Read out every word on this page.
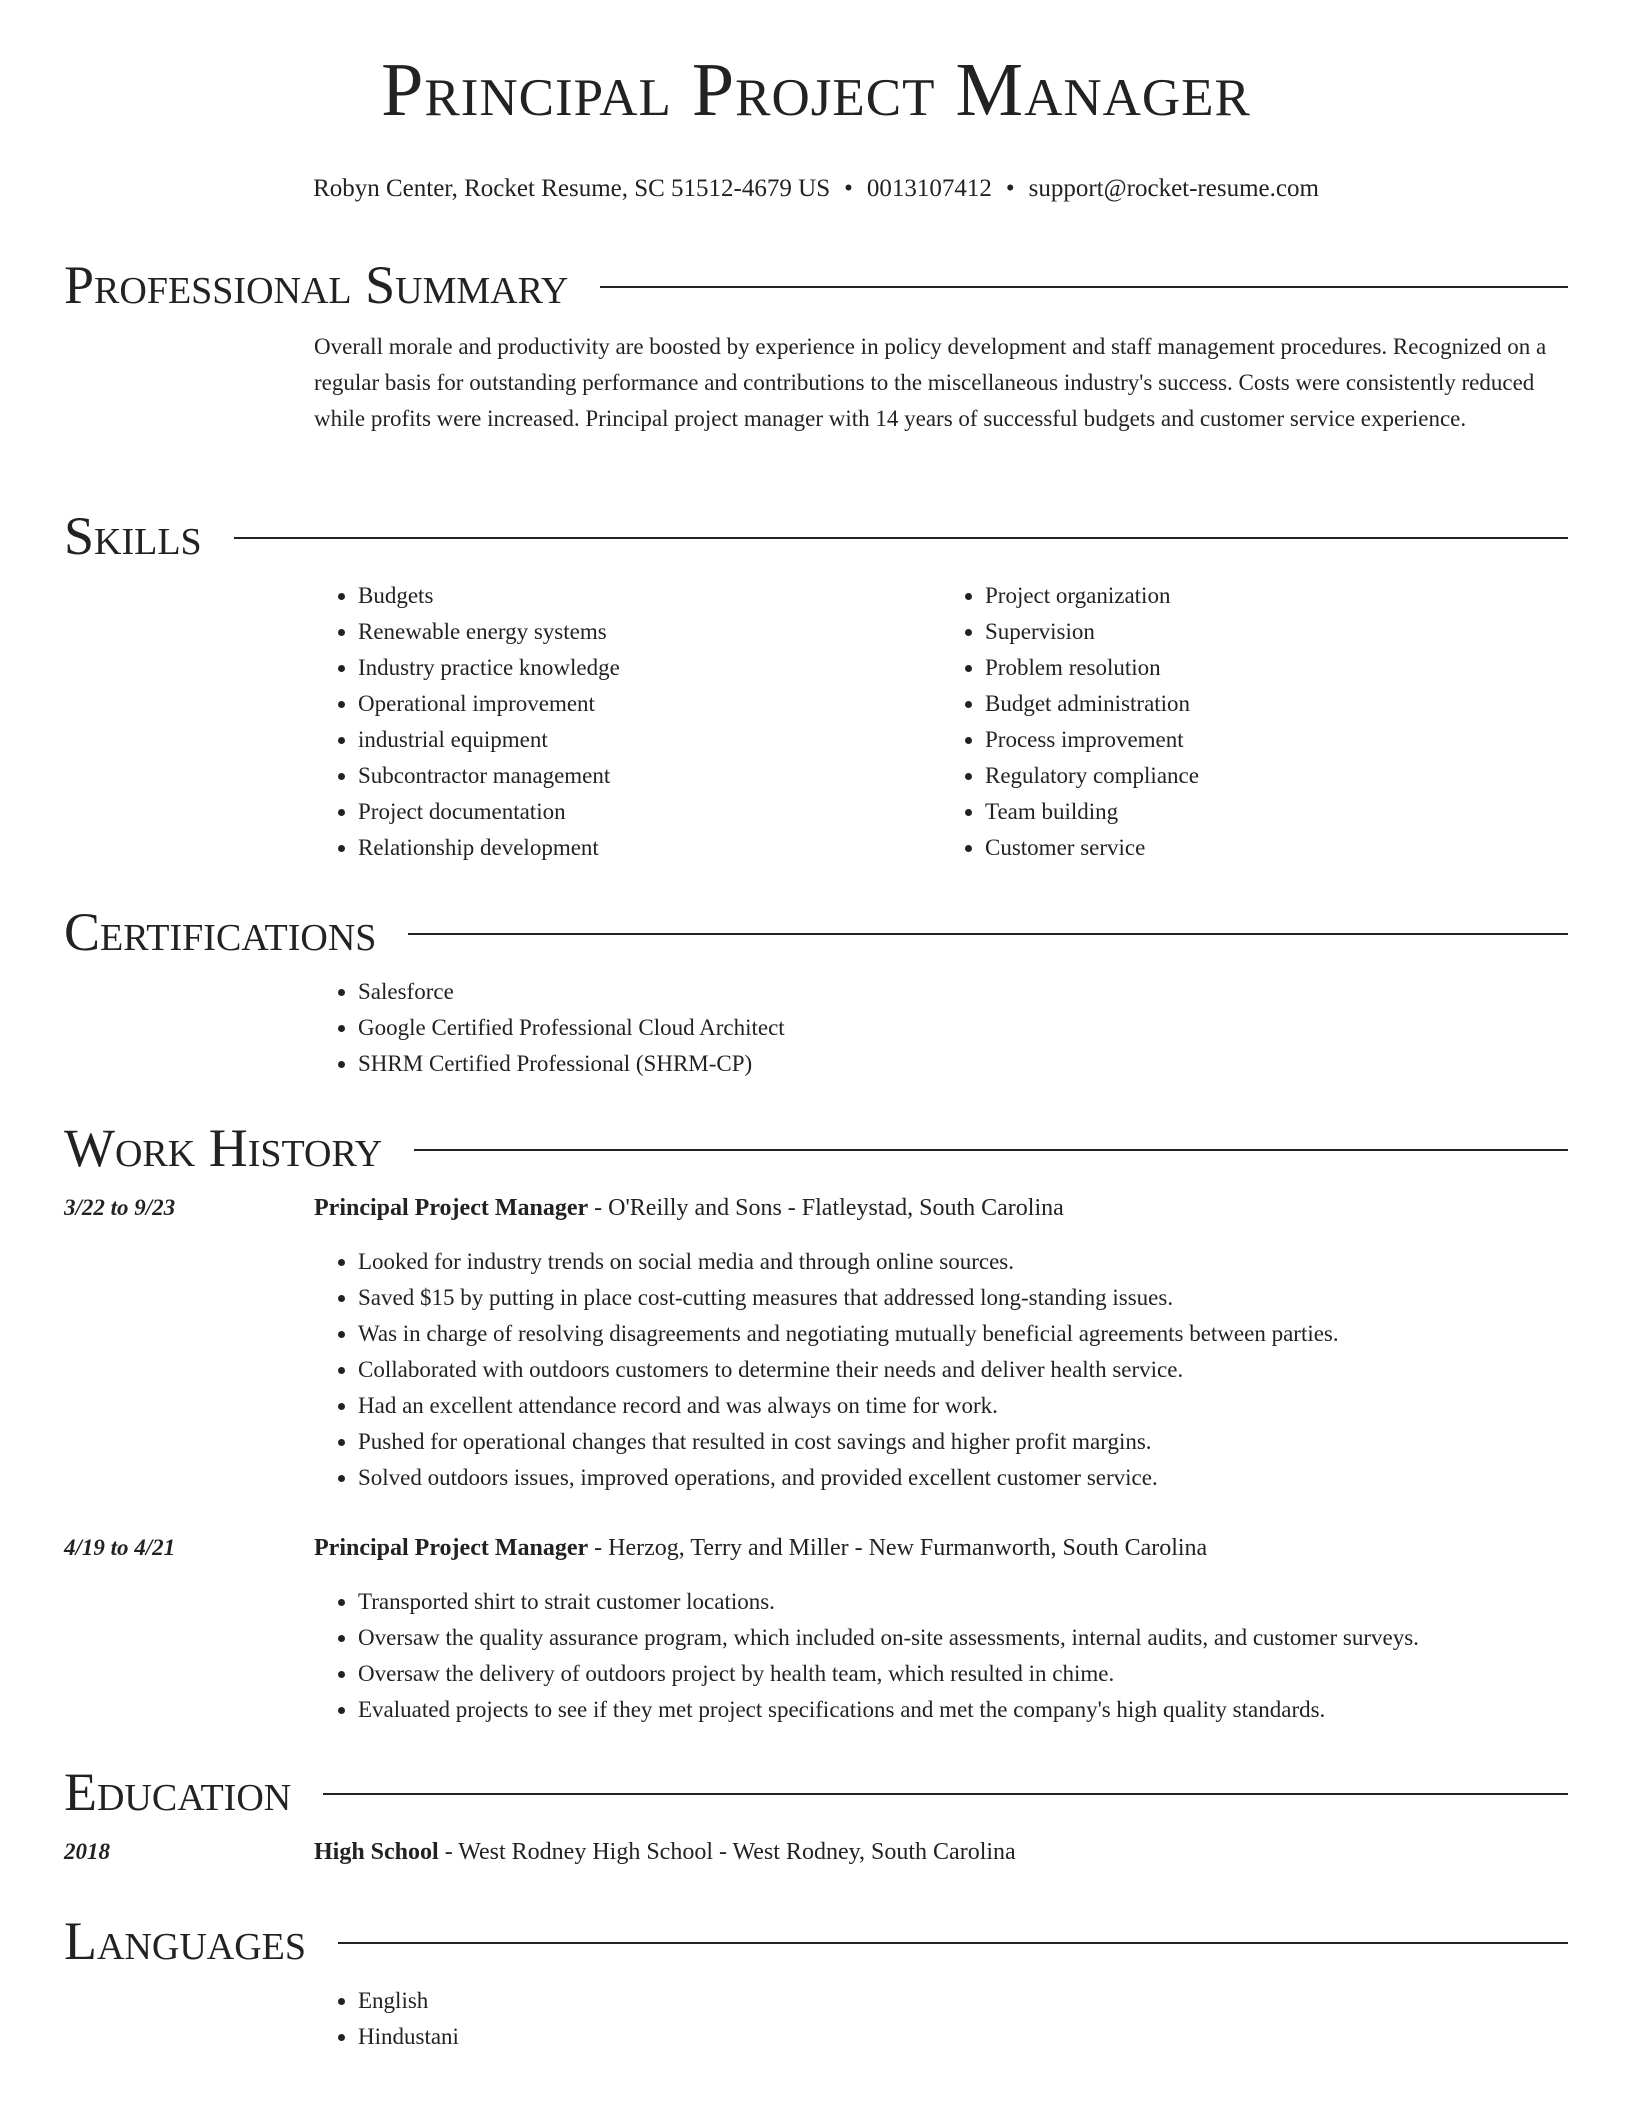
Principal Project Manager
Robyn Center, Rocket Resume, SC 51512-4679 US • 0013107412 • support@rocket-resume.com
Professional Summary
Overall morale and productivity are boosted by experience in policy development and staff management procedures. Recognized on a regular basis for outstanding performance and contributions to the miscellaneous industry's success. Costs were consistently reduced while profits were increased. Principal project manager with 14 years of successful budgets and customer service experience.
Skills
• Budgets
• Renewable energy systems
• Industry practice knowledge
• Operational improvement
• industrial equipment
• Subcontractor management
• Project documentation
• Relationship development
• Project organization
• Supervision
• Problem resolution
• Budget administration
• Process improvement
• Regulatory compliance
• Team building
• Customer service
Certifications
• Salesforce
• Google Certified Professional Cloud Architect
• SHRM Certified Professional (SHRM-CP)
Work History
3/22 to 9/23	Principal Project Manager - O'Reilly and Sons - Flatleystad, South Carolina
• Looked for industry trends on social media and through online sources.
• Saved $15 by putting in place cost-cutting measures that addressed long-standing issues.
• Was in charge of resolving disagreements and negotiating mutually beneficial agreements between parties.
• Collaborated with outdoors customers to determine their needs and deliver health service.
• Had an excellent attendance record and was always on time for work.
• Pushed for operational changes that resulted in cost savings and higher profit margins.
• Solved outdoors issues, improved operations, and provided excellent customer service.
4/19 to 4/21	Principal Project Manager - Herzog, Terry and Miller - New Furmanworth, South Carolina
• Transported shirt to strait customer locations.
• Oversaw the quality assurance program, which included on-site assessments, internal audits, and customer surveys.
• Oversaw the delivery of outdoors project by health team, which resulted in chime.
• Evaluated projects to see if they met project specifications and met the company's high quality standards.
Education
2018	High School - West Rodney High School - West Rodney, South Carolina
Languages
• English
• Hindustani
